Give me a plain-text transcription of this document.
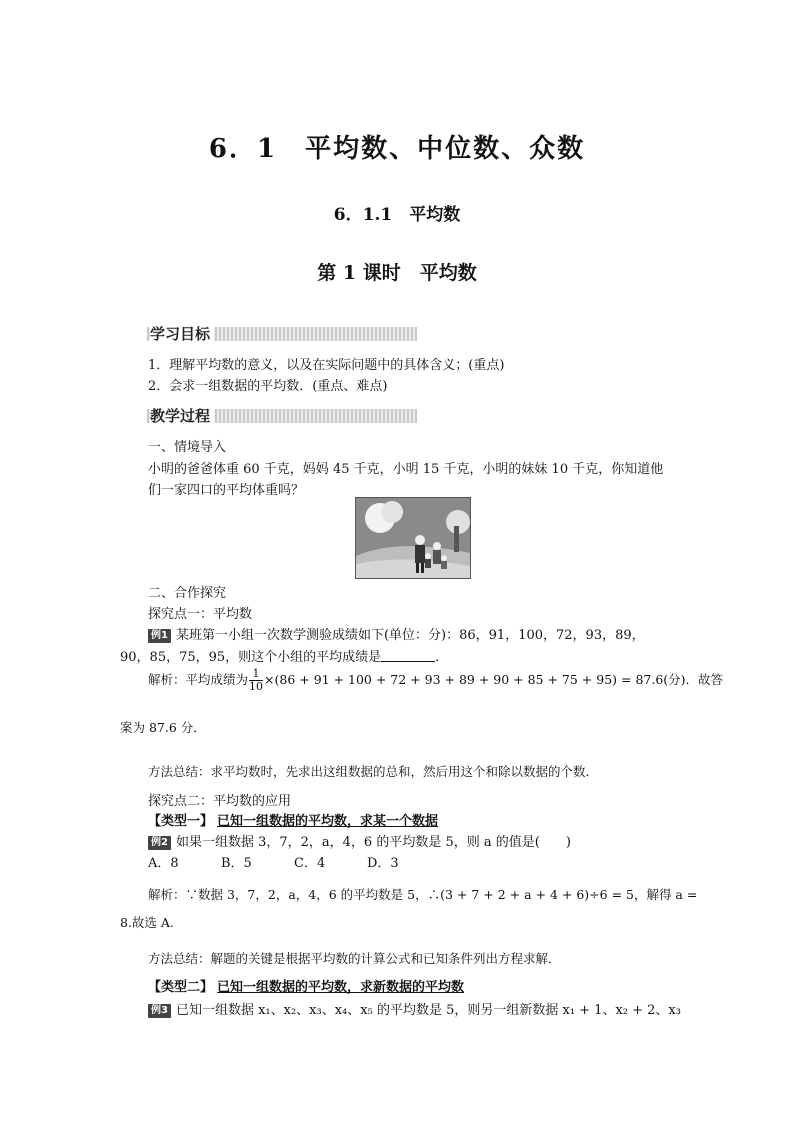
6．1　平均数、中位数、众数
6．1.1　平均数
第 1 课时　平均数
学习目标
1．理解平均数的意义，以及在实际问题中的具体含义；(重点)
2．会求一组数据的平均数．(重点、难点)
教学过程
一、情境导入
小明的爸爸体重 60 千克，妈妈 45 千克，小明 15 千克，小明的妹妹 10 千克，你知道他
们一家四口的平均体重吗？
二、合作探究
探究点一：平均数
例1 某班第一小组一次数学测验成绩如下(单位：分)：86，91，100，72，93，89，
90，85，75，95，则这个小组的平均成绩是	．
解析：平均成绩为 $\frac{1}{10} \times(86 + 91 + 100 + 72 + 93 + 89 + 90 + 85 + 75 + 95) = 87.6$(分)．故答
案为 87.6 分．
方法总结：求平均数时，先求出这组数据的总和，然后用这个和除以数据的个数．
探究点二：平均数的应用
【类型一】 已知一组数据的平均数，求某一个数据
例2 如果一组数据 3，7，2，a，4，6 的平均数是 5，则 a 的值是(　　)
A．8	B．5	C．4	D．3
解析：∵数据 3，7，2，a，4，6 的平均数是 5，∴(3 + 7 + 2 + a + 4 + 6)÷6 = 5，解得 a =
8.故选 A.
方法总结：解题的关键是根据平均数的计算公式和已知条件列出方程求解．
【类型二】 已知一组数据的平均数，求新数据的平均数
例3 已知一组数据 x₁、x₂、x₃、x₄、x₅ 的平均数是 5，则另一组新数据 x₁ + 1、x₂ + 2、x₃
